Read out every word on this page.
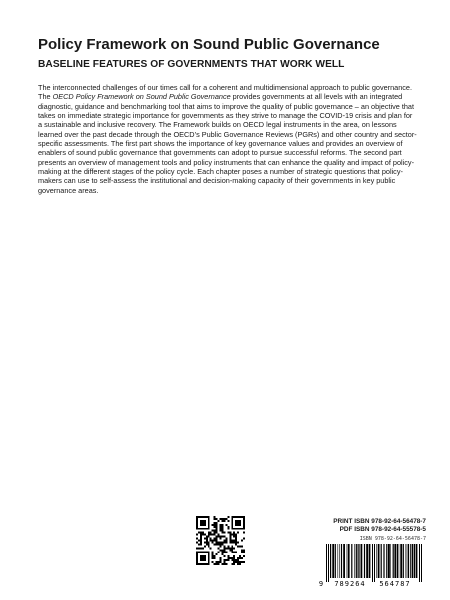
Policy Framework on Sound Public Governance
BASELINE FEATURES OF GOVERNMENTS THAT WORK WELL

The interconnected challenges of our times call for a coherent and multidimensional approach to public governance. The OECD Policy Framework on Sound Public Governance provides governments at all levels with an integrated diagnostic, guidance and benchmarking tool that aims to improve the quality of public governance – an objective that takes on immediate strategic importance for governments as they strive to manage the COVID-19 crisis and plan for a sustainable and inclusive recovery. The Framework builds on OECD legal instruments in the area, on lessons learned over the past decade through the OECD’s Public Governance Reviews (PGRs) and other country and sector-specific assessments. The first part shows the importance of key governance values and provides an overview of enablers of sound public governance that governments can adopt to pursue successful reforms. The second part presents an overview of management tools and policy instruments that can enhance the quality and impact of policy-making at the different stages of the policy cycle. Each chapter poses a number of strategic questions that policy-makers can use to self-assess the institutional and decision-making capacity of their governments in key public governance areas.

PRINT ISBN 978-92-64-56478-7
PDF ISBN 978-92-64-55578-5
ISBN 978-92-64-56478-7
9 789264 564787
